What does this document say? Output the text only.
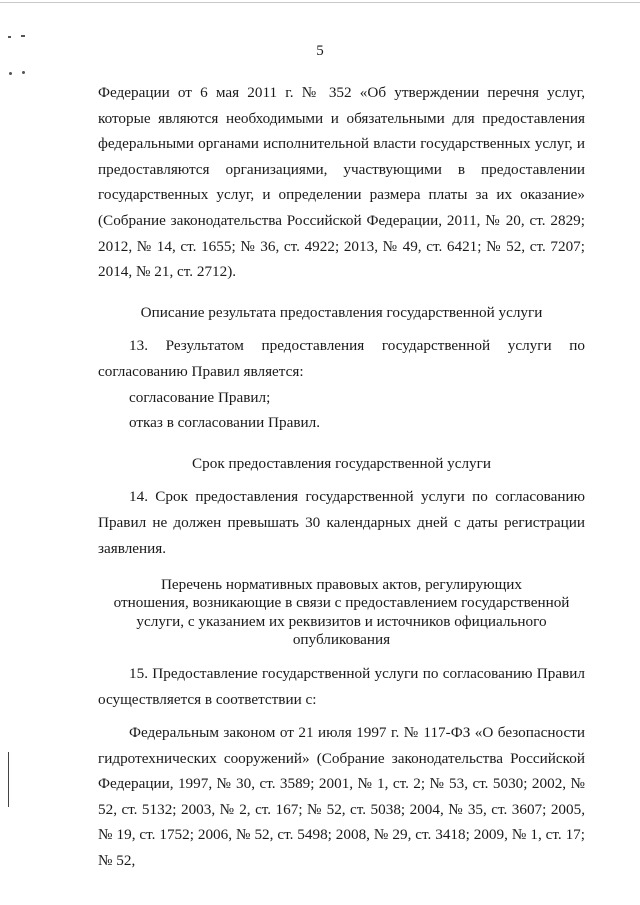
5
Федерации от 6 мая 2011 г. № 352 «Об утверждении перечня услуг, которые являются необходимыми и обязательными для предоставления федеральными органами исполнительной власти государственных услуг, и предоставляются организациями, участвующими в предоставлении государственных услуг, и определении размера платы за их оказание» (Собрание законодательства Российской Федерации, 2011, № 20, ст. 2829; 2012, № 14, ст. 1655; № 36, ст. 4922; 2013, № 49, ст. 6421; № 52, ст. 7207; 2014, № 21, ст. 2712).
Описание результата предоставления государственной услуги
13. Результатом предоставления государственной услуги по согласованию Правил является:
согласование Правил;
отказ в согласовании Правил.
Срок предоставления государственной услуги
14. Срок предоставления государственной услуги по согласованию Правил не должен превышать 30 календарных дней с даты регистрации заявления.
Перечень нормативных правовых актов, регулирующих
отношения, возникающие в связи с предоставлением государственной
услуги, с указанием их реквизитов и источников официального
опубликования
15. Предоставление государственной услуги по согласованию Правил осуществляется в соответствии с:
Федеральным законом от 21 июля 1997 г. № 117-ФЗ «О безопасности гидротехнических сооружений» (Собрание законодательства Российской Федерации, 1997, № 30, ст. 3589; 2001, № 1, ст. 2; № 53, ст. 5030; 2002, № 52, ст. 5132; 2003, № 2, ст. 167; № 52, ст. 5038; 2004, № 35, ст. 3607; 2005, № 19, ст. 1752; 2006, № 52, ст. 5498; 2008, № 29, ст. 3418; 2009, № 1, ст. 17; № 52,
